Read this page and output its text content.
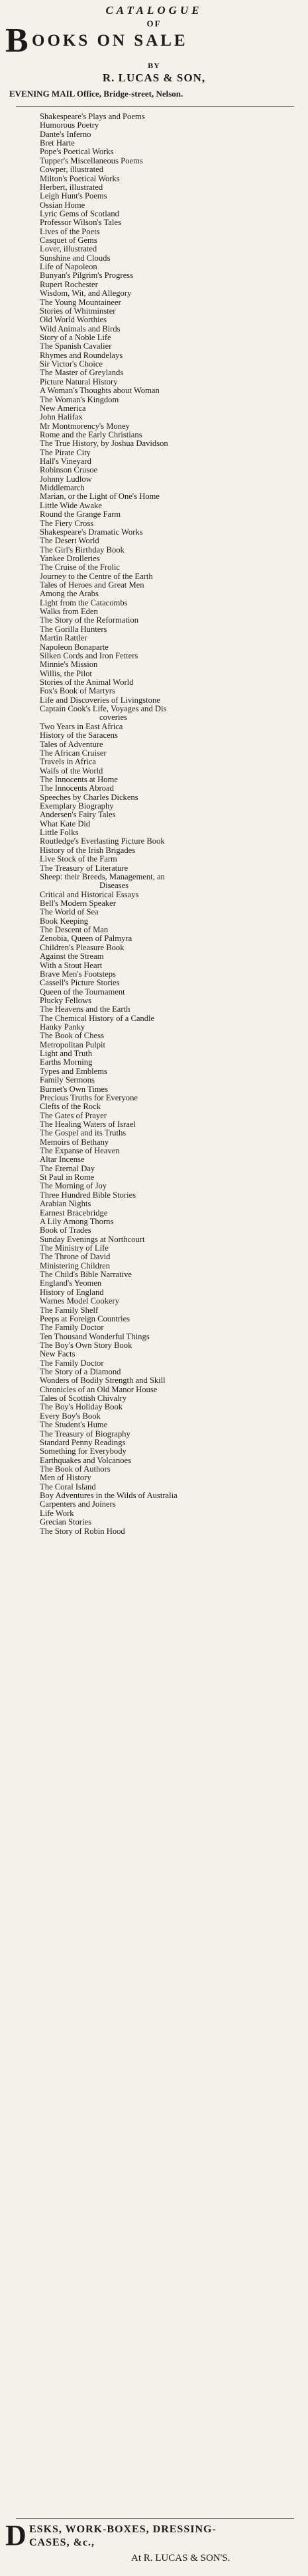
CATALOGUE
OF
B OOKS ON SALE
BY
R. LUCAS & SON,
EVENING MAIL Office, Bridge-street, Nelson.
Shakespeare's Plays and Poems
Humorous Poetry
Dante's Inferno
Bret Harte
Pope's Poetical Works
Tupper's Miscellaneous Poems
Cowper, illustrated
Milton's Poetical Works
Herbert, illustrated
Leigh Hunt's Poems
Ossian Home
Lyric Gems of Scotland
Professor Wilson's Tales
Lives of the Poets
Casquet of Gems
Lover, illustrated
Sunshine and Clouds
Life of Napoleon
Bunyan's Pilgrim's Progress
Rupert Rochester
Wisdom, Wit, and Allegory
The Young Mountaineer
Stories of Whitminster
Old World Worthies
Wild Animals and Birds
Story of a Noble Life
The Spanish Cavalier
Rhymes and Roundelays
Sir Victor's Choice
The Master of Greylands
Picture Natural History
A Woman's Thoughts about Woman
The Woman's Kingdom
New America
John Halifax
Mr Montmorency's Money
Rome and the Early Christians
The True History, by Joshua Davidson
The Pirate City
Hall's Vineyard
Robinson Crusoe
Johnny Ludlow
Middlemarch
Marian, or the Light of One's Home
Little Wide Awake
Round the Grange Farm
The Fiery Cross
Shakespeare's Dramatic Works
The Desert World
The Girl's Birthday Book
Yankee Drolleries
The Cruise of the Frolic
Journey to the Centre of the Earth
Tales of Heroes and Great Men
Among the Arabs
Light from the Catacombs
Walks from Eden
The Story of the Reformation
The Gorilla Hunters
Martin Rattler
Napoleon Bonaparte
Silken Cords and Iron Fetters
Minnie's Mission
Willis, the Pilot
Stories of the Animal World
Fox's Book of Martyrs
Life and Discoveries of Livingstone
Captain Cook's Life, Voyages and Dis
coveries
Two Years in East Africa
History of the Saracens
Tales of Adventure
The African Cruiser
Travels in Africa
Waifs of the World
The Innocents at Home
The Innocents Abroad
Speeches by Charles Dickens
Exemplary Biography
Andersen's Fairy Tales
What Kate Did
Little Folks
Routledge's Everlasting Picture Book
History of the Irish Brigades
Live Stock of the Farm
The Treasury of Literature
Sheep: their Breeds, Management, an
Diseases
Critical and Historical Essays
Bell's Modern Speaker
The World of Sea
Book Keeping
The Descent of Man
Zenobia, Queen of Palmyra
Children's Pleasure Book
Against the Stream
With a Stout Heart
Brave Men's Footsteps
Cassell's Picture Stories
Queen of the Tournament
Plucky Fellows
The Heavens and the Earth
The Chemical History of a Candle
Hanky Panky
The Book of Chess
Metropolitan Pulpit
Light and Truth
Earths Morning
Types and Emblems
Family Sermons
Burnet's Own Times
Precious Truths for Everyone
Clefts of the Rock
The Gates of Prayer
The Healing Waters of Israel
The Gospel and its Truths
Memoirs of Bethany
The Expanse of Heaven
Altar Incense
The Eternal Day
St Paul in Rome
The Morning of Joy
Three Hundred Bible Stories
Arabian Nights
Earnest Bracebridge
A Lily Among Thorns
Book of Trades
Sunday Evenings at Northcourt
The Ministry of Life
The Throne of David
Ministering Children
The Child's Bible Narrative
England's Yeomen
History of England
Warnes Model Cookery
The Family Shelf
Peeps at Foreign Countries
The Family Doctor
Ten Thousand Wonderful Things
The Boy's Own Story Book
New Facts
The Family Doctor
The Story of a Diamond
Wonders of Bodily Strength and Skill
Chronicles of an Old Manor House
Tales of Scottish Chivalry
The Boy's Holiday Book
Every Boy's Book
The Student's Hume
The Treasury of Biography
Standard Penny Readings
Something for Everybody
Earthquakes and Volcanoes
The Book of Authors
Men of History
The Coral Island
Boy Adventures in the Wilds of Australia
Carpenters and Joiners
Life Work
Grecian Stories
The Story of Robin Hood
D ESKS, WORK-BOXES, DRESSING-
CASES, &c.,
At R. LUCAS & SON'S.
